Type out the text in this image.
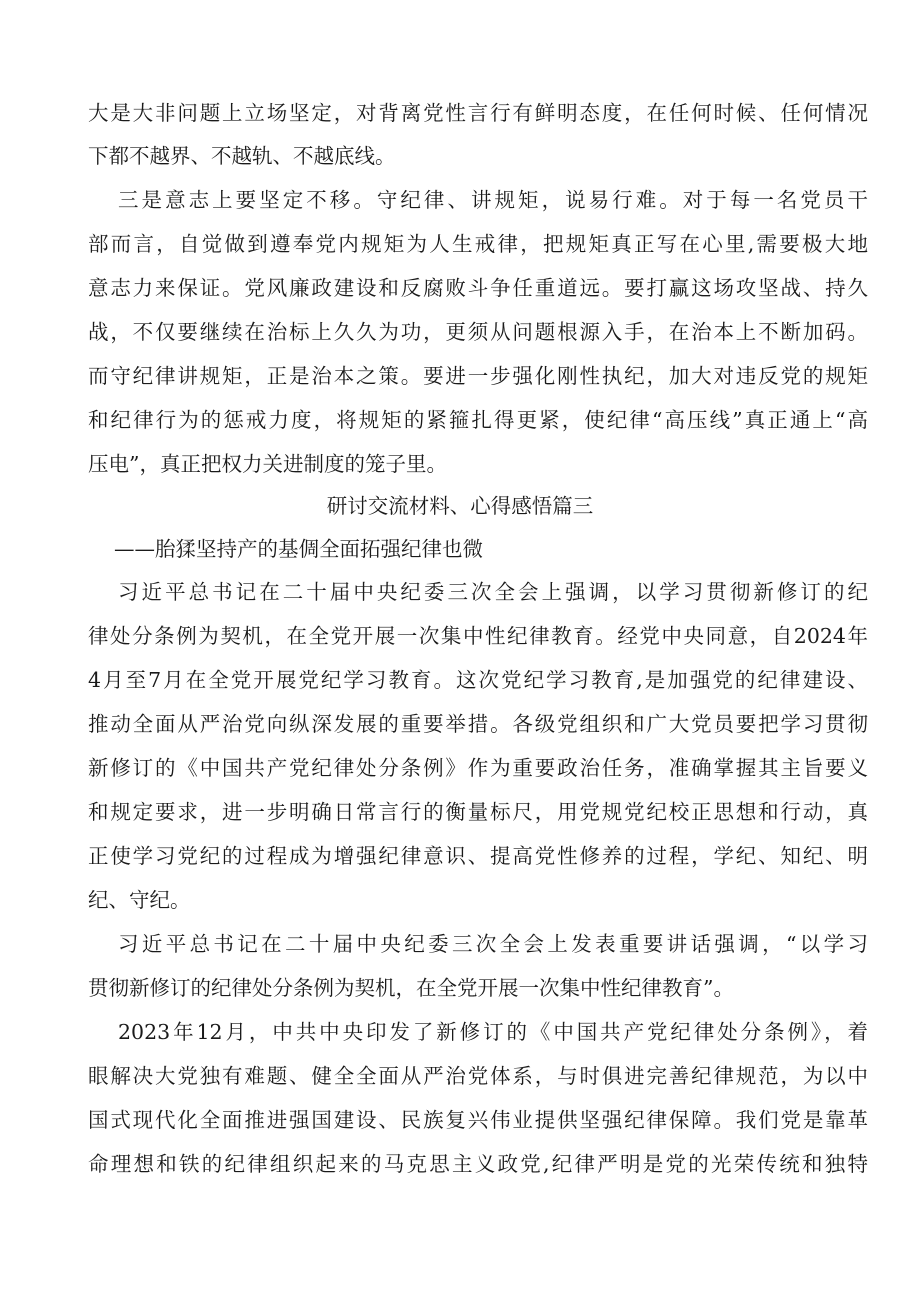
大是大非问题上立场坚定，对背离党性言行有鲜明态度，在任何时候、任何情况
下都不越界、不越轨、不越底线。
三是意志上要坚定不移。守纪律、讲规矩，说易行难。对于每一名党员干
部而言，自觉做到遵奉党内规矩为人生戒律，把规矩真正写在心里,需要极大地
意志力来保证。党风廉政建设和反腐败斗争任重道远。要打赢这场攻坚战、持久
战，不仅要继续在治标上久久为功，更须从问题根源入手，在治本上不断加码。
而守纪律讲规矩，正是治本之策。要进一步强化刚性执纪，加大对违反党的规矩
和纪律行为的惩戒力度，将规矩的紧箍扎得更紧，使纪律“高压线”真正通上“高
压电”，真正把权力关进制度的笼子里。
研讨交流材料、心得感悟篇三
——胎猱坚持产的基倜全面拓强纪律也微
习近平总书记在二十届中央纪委三次全会上强调，以学习贯彻新修订的纪
律处分条例为契机，在全党开展一次集中性纪律教育。经党中央同意，自2024年
4月至7月在全党开展党纪学习教育。这次党纪学习教育,是加强党的纪律建设、
推动全面从严治党向纵深发展的重要举措。各级党组织和广大党员要把学习贯彻
新修订的《中国共产党纪律处分条例》作为重要政治任务，准确掌握其主旨要义
和规定要求，进一步明确日常言行的衡量标尺，用党规党纪校正思想和行动，真
正使学习党纪的过程成为增强纪律意识、提高党性修养的过程，学纪、知纪、明
纪、守纪。
习近平总书记在二十届中央纪委三次全会上发表重要讲话强调，“以学习
贯彻新修订的纪律处分条例为契机，在全党开展一次集中性纪律教育”。
2023年12月，中共中央印发了新修订的《中国共产党纪律处分条例》，着
眼解决大党独有难题、健全全面从严治党体系，与时俱进完善纪律规范，为以中
国式现代化全面推进强国建设、民族复兴伟业提供坚强纪律保障。我们党是靠革
命理想和铁的纪律组织起来的马克思主义政党,纪律严明是党的光荣传统和独特
